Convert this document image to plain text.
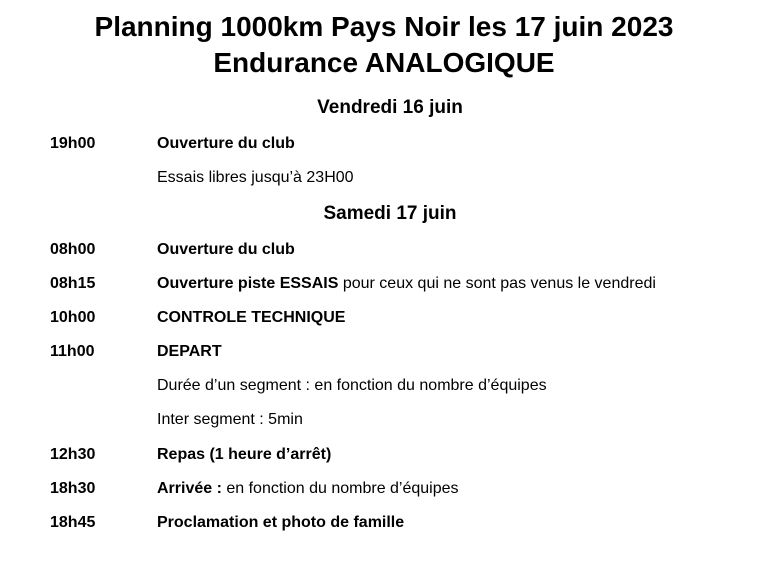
Planning 1000km Pays Noir les 17 juin 2023
Endurance ANALOGIQUE
Vendredi 16 juin
19h00	Ouverture du club
Essais libres jusqu’à 23H00
Samedi 17 juin
08h00	Ouverture du club
08h15	Ouverture piste ESSAIS pour ceux qui ne sont pas venus le vendredi
10h00	CONTROLE TECHNIQUE
11h00	DEPART
Durée d’un segment : en fonction du nombre d’équipes
Inter segment : 5min
12h30	Repas (1 heure d’arrêt)
18h30	Arrivée : en fonction du nombre d’équipes
18h45	Proclamation et photo de famille
